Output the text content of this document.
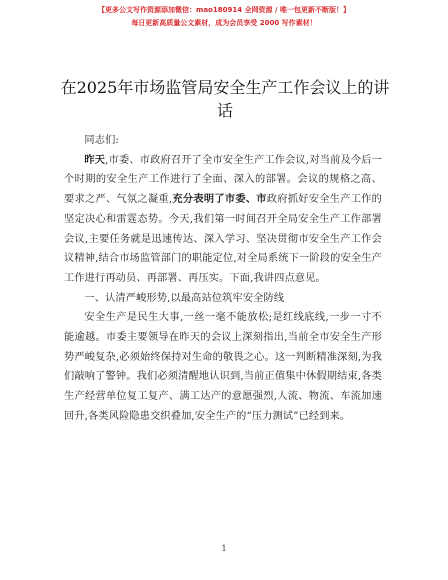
【更多公文写作资源添加微信：mao180914 全网资源 / 唯一包更新不断版！】
每日更新高质量公文素材，成为会员享受 2000 写作素材！
在2025年市场监管局安全生产工作会议上的讲话

同志们:

昨天,市委、市政府召开了全市安全生产工作会议,对当前及今后一个时期的安全生产工作进行了全面、深入的部署。会议的规格之高、要求之严、气氛之凝重,充分表明了市委、市政府抓好安全生产工作的坚定决心和雷霆态势。今天,我们第一时间召开全局安全生产工作部署会议,主要任务就是迅速传达、深入学习、坚决贯彻市安全生产工作会议精神,结合市场监管部门的职能定位,对全局系统下一阶段的安全生产工作进行再动员、再部署、再压实。下面,我讲四点意见。

一、认清严峻形势,以最高站位筑牢安全防线

安全生产是民生大事,一丝一毫不能放松;是红线底线,一步一寸不能逾越。市委主要领导在昨天的会议上深刻指出,当前全市安全生产形势严峻复杂,必须始终保持对生命的敬畏之心。这一判断精准深刻,为我们敲响了警钟。我们必须清醒地认识到,当前正值集中休假期结束,各类生产经营单位复工复产、满工达产的意愿强烈,人流、物流、车流加速回升,各类风险隐患交织叠加,安全生产的“压力测试”已经到来。

1
